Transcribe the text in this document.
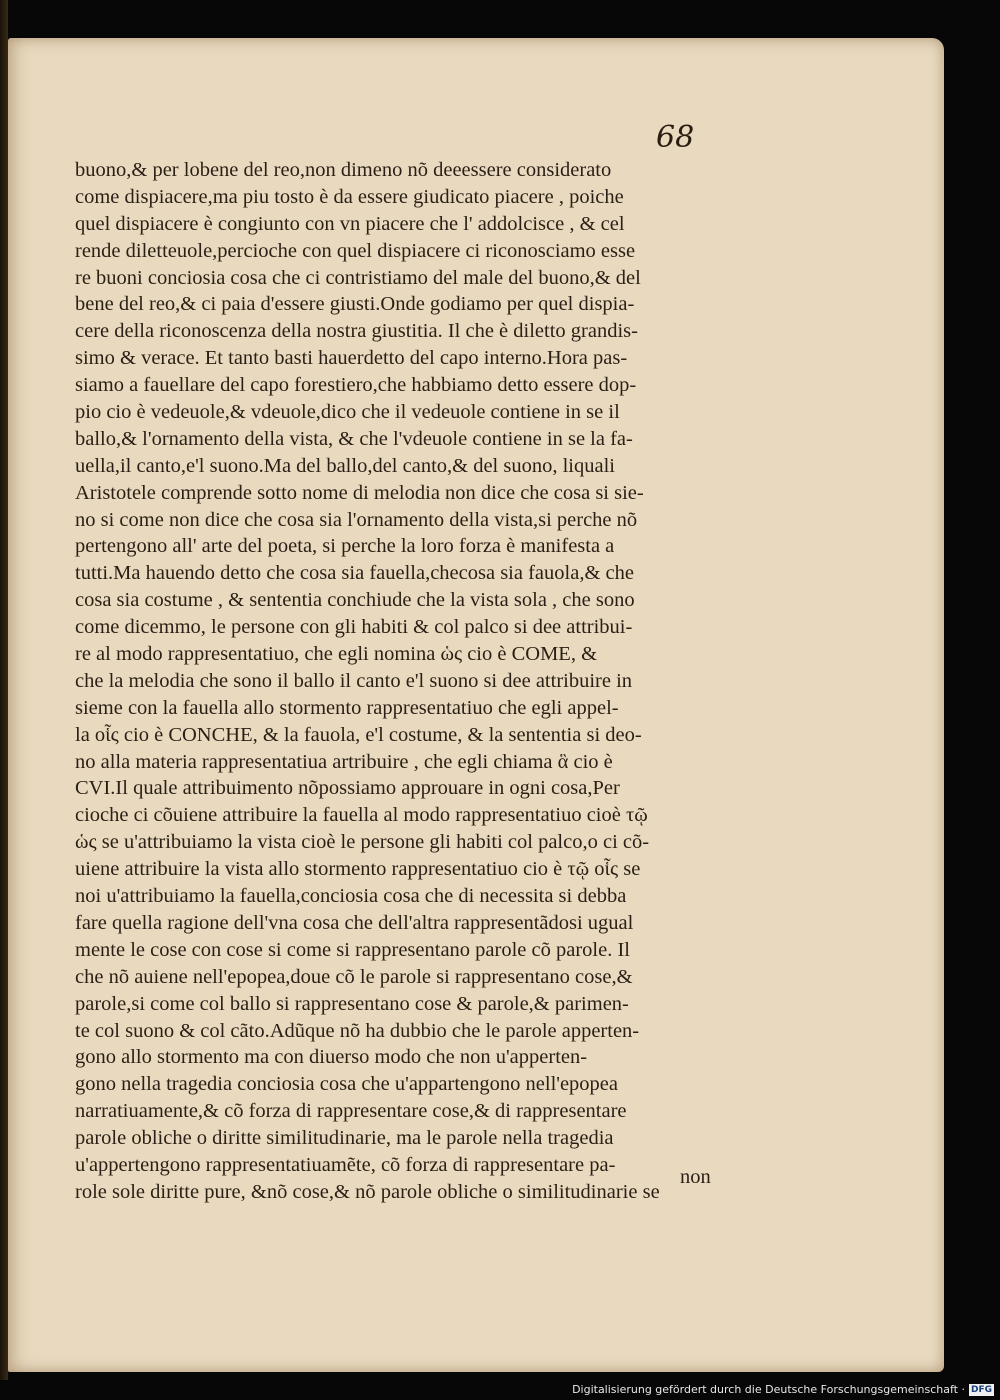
68
buono,& per lobene del reo,non dimeno nõ deeessere considerato
come dispiacere,ma piu tosto è da essere giudicato piacere , poiche
quel dispiacere è congiunto con vn piacere che l' addolcisce , & cel
rende diletteuole,percioche con quel dispiacere ci riconosciamo esse
re buoni conciosia cosa che ci contristiamo del male del buono,& del
bene del reo,& ci paia d'essere giusti.Onde godiamo per quel dispia-
cere della riconoscenza della nostra giustitia. Il che è diletto grandis-
simo & verace. Et tanto basti hauerdetto del capo interno.Hora pas-
siamo a fauellare del capo forestiero,che habbiamo detto essere dop-
pio cio è vedeuole,& vdeuole,dico che il vedeuole contiene in se il
ballo,& l'ornamento della vista, & che l'vdeuole contiene in se la fa-
uella,il canto,e'l suono.Ma del ballo,del canto,& del suono, liquali
Aristotele comprende sotto nome di melodia non dice che cosa si sie-
no si come non dice che cosa sia l'ornamento della vista,si perche nõ
pertengono all' arte del poeta, si perche la loro forza è manifesta a
tutti.Ma hauendo detto che cosa sia fauella,checosa sia fauola,& che
cosa sia costume , & sententia conchiude che la vista sola , che sono
come dicemmo, le persone con gli habiti & col palco si dee attribui-
re al modo rappresentatiuo, che egli nomina ὡς cio è COME, &
che la melodia che sono il ballo il canto e'l suono si dee attribuire in
sieme con la fauella allo stormento rappresentatiuo che egli appel-
la οἷς cio è CONCHE, & la fauola, e'l costume, & la sententia si deo-
no alla materia rappresentatiua artribuire , che egli chiama ἃ cio è
CVI.Il quale attribuimento nõpossiamo approuare in ogni cosa,Per
cioche ci cõuiene attribuire la fauella al modo rappresentatiuo cioè τῷ
ὡς se u'attribuiamo la vista cioè le persone gli habiti col palco,o ci cõ-
uiene attribuire la vista allo stormento rappresentatiuo cio è τῷ οἷς se
noi u'attribuiamo la fauella,conciosia cosa che di necessita si debba
fare quella ragione dell'vna cosa che dell'altra rappresentãdosi ugual
mente le cose con cose si come si rappresentano parole cõ parole. Il
che nõ auiene nell'epopea,doue cõ le parole si rappresentano cose,&
parole,si come col ballo si rappresentano cose & parole,& parimen-
te col suono & col cãto.Adũque nõ ha dubbio che le parole apperten-
gono allo stormento ma con diuerso modo che non u'apperten-
gono nella tragedia conciosia cosa che u'appartengono nell'epopea
narratiuamente,& cõ forza di rappresentare cose,& di rappresentare
parole obliche o diritte similitudinarie, ma le parole nella tragedia
u'appertengono rappresentatiuamẽte, cõ forza di rappresentare pa-
role sole diritte pure, &nõ cose,& nõ parole obliche o similitudinarie se
non
Digitalisierung gefördert durch die Deutsche Forschungsgemeinschaft · DFG
